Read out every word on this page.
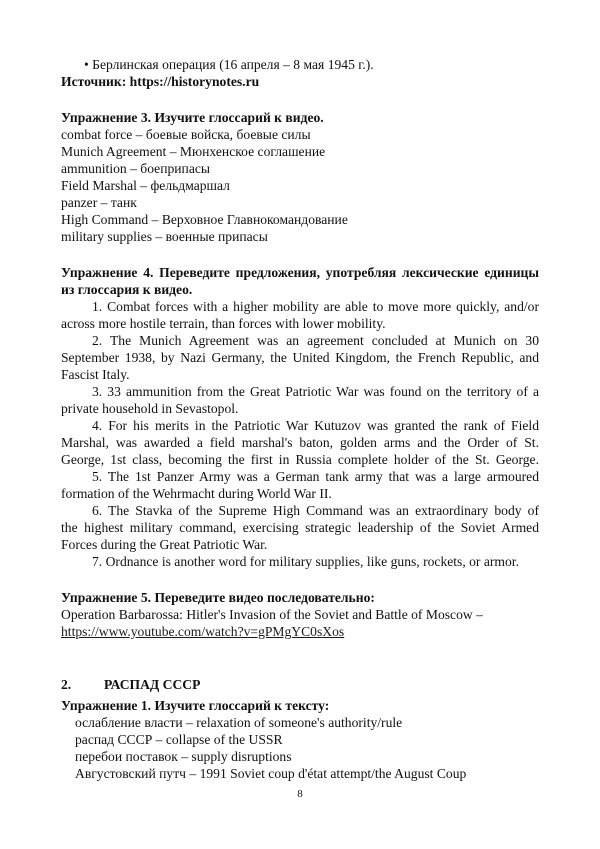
• Берлинская операция (16 апреля – 8 мая 1945 г.).
Источник: https://historynotes.ru
Упражнение 3. Изучите глоссарий к видео.
combat force – боевые войска, боевые силы
Munich Agreement – Мюнхенское соглашение
ammunition – боеприпасы
Field Marshal – фельдмаршал
panzer – танк
High Command – Верховное Главнокомандование
military supplies – военные припасы
Упражнение 4. Переведите предложения, употребляя лексические единицы
из глоссария к видео.
1. Combat forces with a higher mobility are able to move more quickly, and/or
across more hostile terrain, than forces with lower mobility.
2. The Munich Agreement was an agreement concluded at Munich on 30
September 1938, by Nazi Germany, the United Kingdom, the French Republic, and
Fascist Italy.
3. 33 ammunition from the Great Patriotic War was found on the territory of a
private household in Sevastopol.
4. For his merits in the Patriotic War Kutuzov was granted the rank of Field
Marshal, was awarded a field marshal's baton, golden arms and the Order of St.
George, 1st class, becoming the first in Russia complete holder of the St. George.
5. The 1st Panzer Army was a German tank army that was a large armoured
formation of the Wehrmacht during World War II.
6. The Stavka of the Supreme High Command was an extraordinary body of
the highest military command, exercising strategic leadership of the Soviet Armed
Forces during the Great Patriotic War.
7. Ordnance is another word for military supplies, like guns, rockets, or armor.
Упражнение 5. Переведите видео последовательно:
Operation Barbarossa: Hitler's Invasion of the Soviet and Battle of Moscow –
https://www.youtube.com/watch?v=gPMgYC0sXos
2. РАСПАД СССР
Упражнение 1. Изучите глоссарий к тексту:
ослабление власти – relaxation of someone's authority/rule
распад СССР – collapse of the USSR
перебои поставок – supply disruptions
Августовский путч – 1991 Soviet coup d'état attempt/the August Coup
8
